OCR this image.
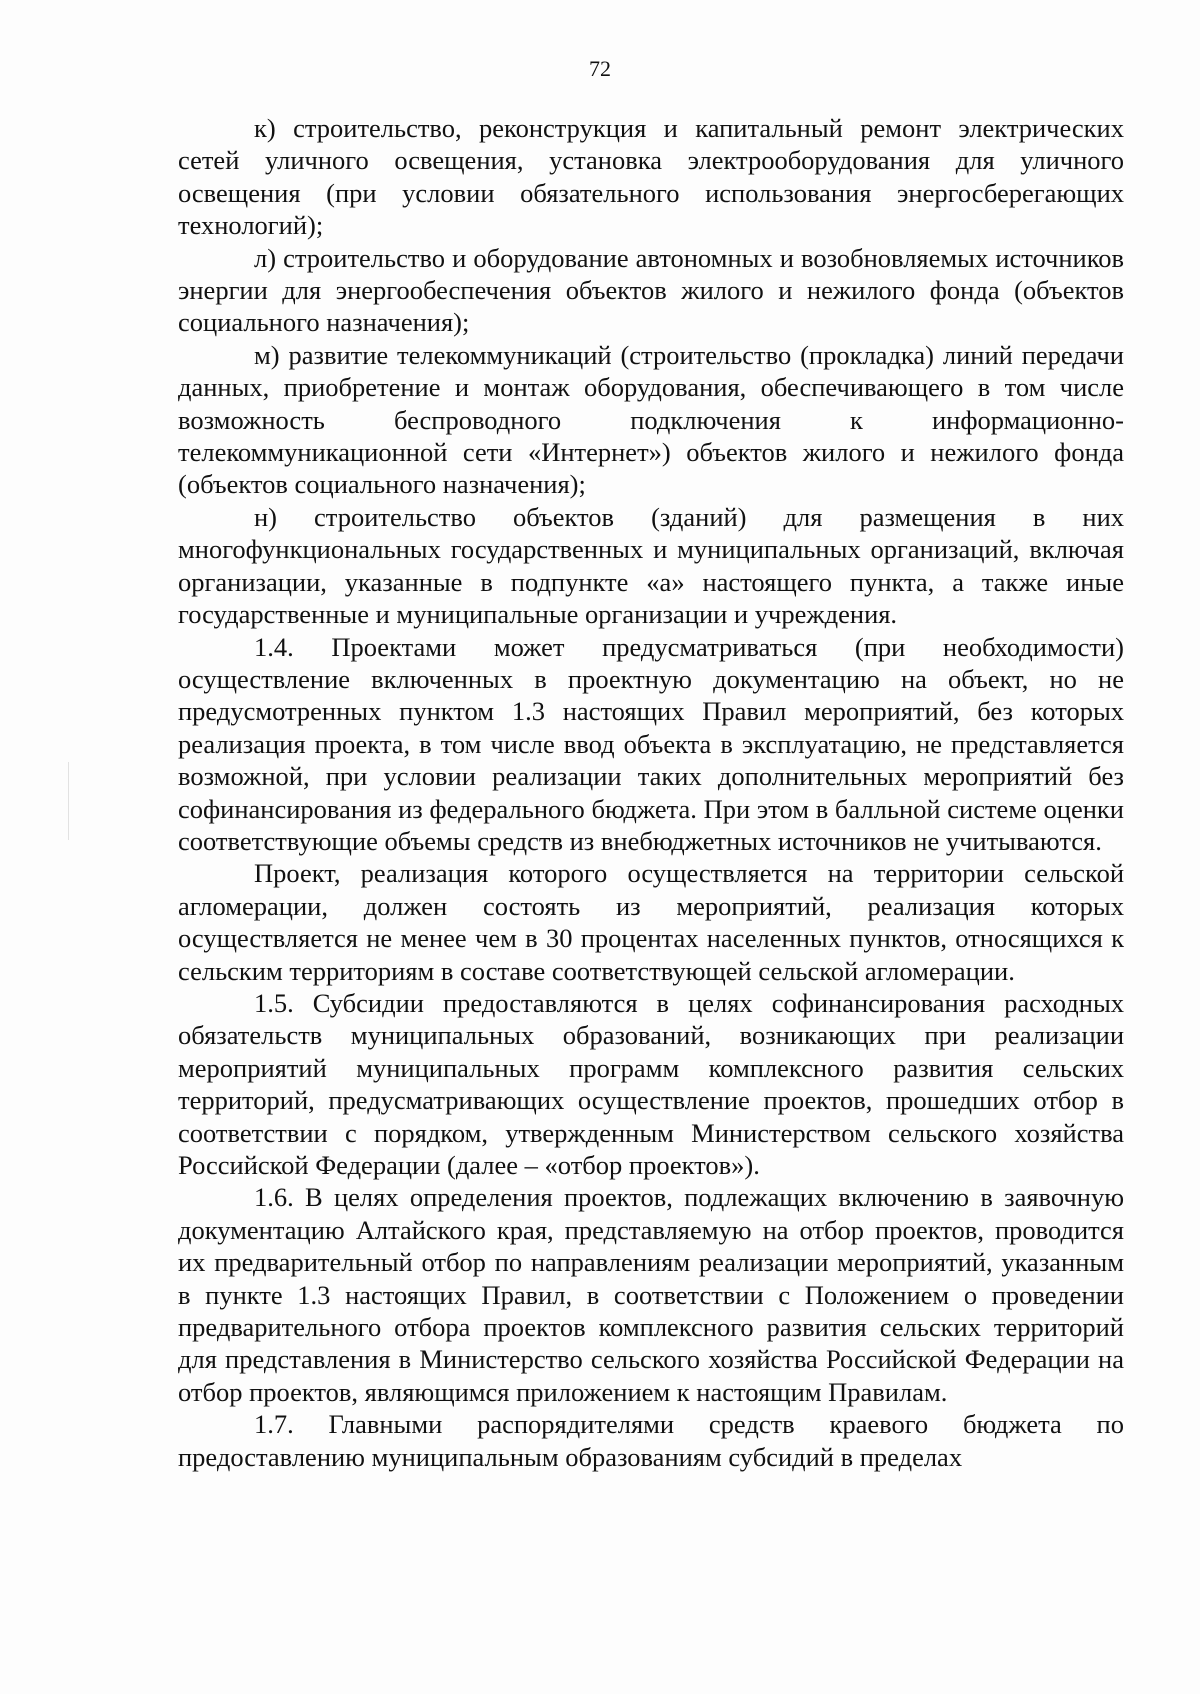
72

к) строительство, реконструкция и капитальный ремонт электрических сетей уличного освещения, установка электрооборудования для уличного освещения (при условии обязательного использования энергосберегающих технологий);

л) строительство и оборудование автономных и возобновляемых источников энергии для энергообеспечения объектов жилого и нежилого фонда (объектов социального назначения);

м) развитие телекоммуникаций (строительство (прокладка) линий передачи данных, приобретение и монтаж оборудования, обеспечивающего в том числе возможность беспроводного подключения к информационно-телекоммуникационной сети «Интернет») объектов жилого и нежилого фонда (объектов социального назначения);

н) строительство объектов (зданий) для размещения в них многофункциональных государственных и муниципальных организаций, включая организации, указанные в подпункте «а» настоящего пункта, а также иные государственные и муниципальные организации и учреждения.

1.4. Проектами может предусматриваться (при необходимости) осуществление включенных в проектную документацию на объект, но не предусмотренных пунктом 1.3 настоящих Правил мероприятий, без которых реализация проекта, в том числе ввод объекта в эксплуатацию, не представляется возможной, при условии реализации таких дополнительных мероприятий без софинансирования из федерального бюджета. При этом в балльной системе оценки соответствующие объемы средств из внебюджетных источников не учитываются.

Проект, реализация которого осуществляется на территории сельской агломерации, должен состоять из мероприятий, реализация которых осуществляется не менее чем в 30 процентах населенных пунктов, относящихся к сельским территориям в составе соответствующей сельской агломерации.

1.5. Субсидии предоставляются в целях софинансирования расходных обязательств муниципальных образований, возникающих при реализации мероприятий муниципальных программ комплексного развития сельских территорий, предусматривающих осуществление проектов, прошедших отбор в соответствии с порядком, утвержденным Министерством сельского хозяйства Российской Федерации (далее – «отбор проектов»).

1.6. В целях определения проектов, подлежащих включению в заявочную документацию Алтайского края, представляемую на отбор проектов, проводится их предварительный отбор по направлениям реализации мероприятий, указанным в пункте 1.3 настоящих Правил, в соответствии с Положением о проведении предварительного отбора проектов комплексного развития сельских территорий для представления в Министерство сельского хозяйства Российской Федерации на отбор проектов, являющимся приложением к настоящим Правилам.

1.7. Главными распорядителями средств краевого бюджета по предоставлению муниципальным образованиям субсидий в пределах
